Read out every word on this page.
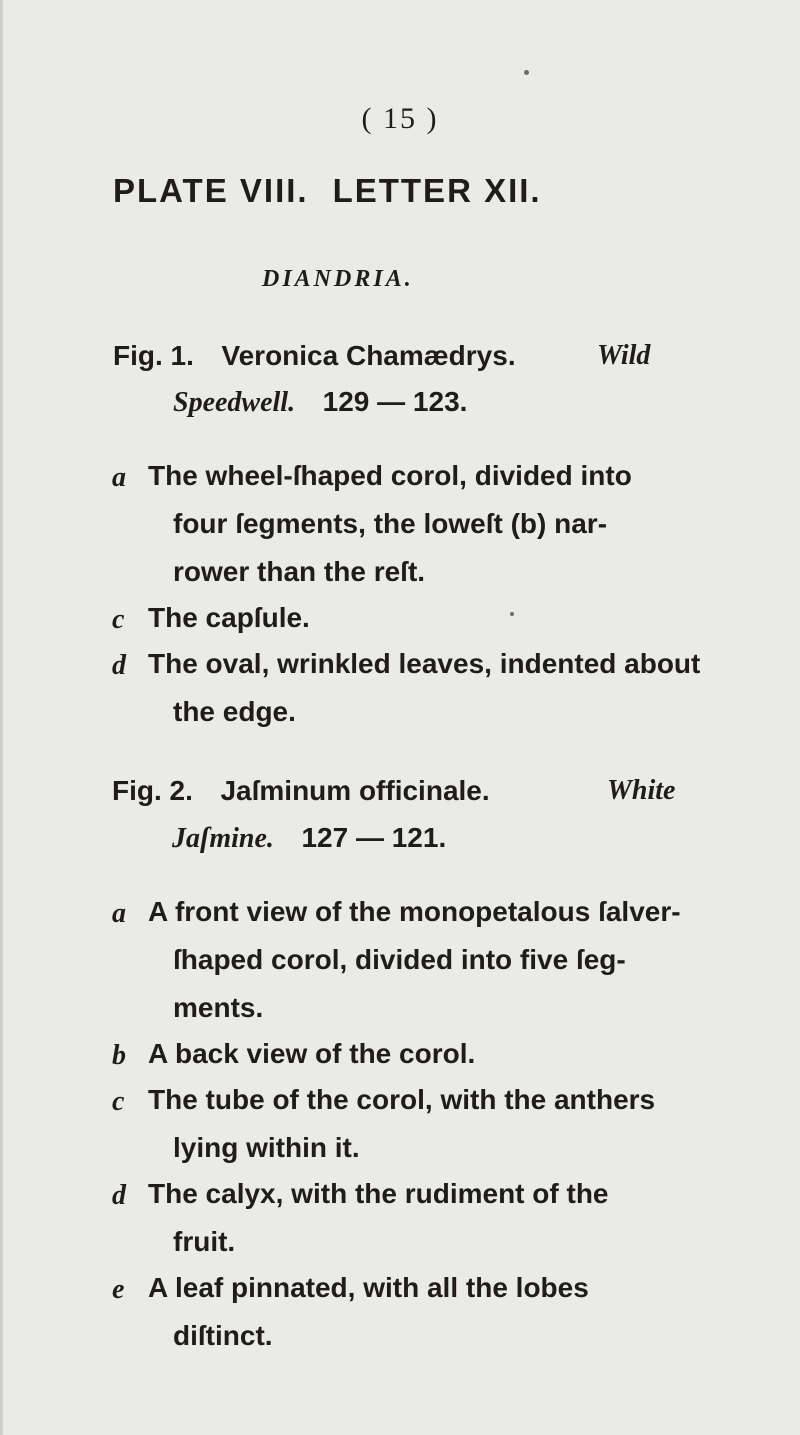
( 15 )
PLATE VIII. LETTER XII.
DIANDRIA.
Fig. 1. Veronica Chamædrys.	Wild
Speedwell. 129 — 123.
a The wheel-ſhaped corol, divided into
four ſegments, the loweſt (b) nar-
rower than the reſt.
c The capſule.
d The oval, wrinkled leaves, indented about
the edge.
Fig. 2. Jaſminum officinale.	White
Jaſmine. 127 — 121.
a A front view of the monopetalous ſalver-
ſhaped corol, divided into five ſeg-
ments.
b A back view of the corol.
c The tube of the corol, with the anthers
lying within it.
d The calyx, with the rudiment of the
fruit.
e A leaf pinnated, with all the lobes
diſtinct.
